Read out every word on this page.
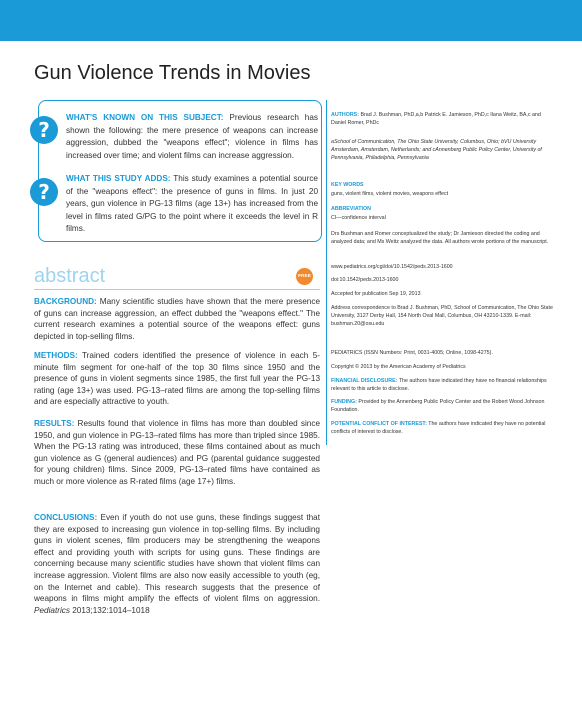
Gun Violence Trends in Movies
?
?
WHAT'S KNOWN ON THIS SUBJECT: Previous research has shown the following: the mere presence of weapons can increase aggression, dubbed the "weapons effect"; violence in films has increased over time; and violent films can increase aggression.
WHAT THIS STUDY ADDS: This study examines a potential source of the "weapons effect": the presence of guns in films. In just 20 years, gun violence in PG-13 films (age 13+) has increased from the level in films rated G/PG to the point where it exceeds the level in R films.
abstract	FREE
BACKGROUND: Many scientific studies have shown that the mere presence of guns can increase aggression, an effect dubbed the "weapons effect." The current research examines a potential source of the weapons effect: guns depicted in top-selling films.
METHODS: Trained coders identified the presence of violence in each 5-minute film segment for one-half of the top 30 films since 1950 and the presence of guns in violent segments since 1985, the first full year the PG-13 rating (age 13+) was used. PG-13–rated films are among the top-selling films and are especially attractive to youth.
RESULTS: Results found that violence in films has more than doubled since 1950, and gun violence in PG-13–rated films has more than tripled since 1985. When the PG-13 rating was introduced, these films contained about as much gun violence as G (general audiences) and PG (parental guidance suggested for young children) films. Since 2009, PG-13–rated films have contained as much or more violence as R-rated films (age 17+) films.
CONCLUSIONS: Even if youth do not use guns, these findings suggest that they are exposed to increasing gun violence in top-selling films. By including guns in violent scenes, film producers may be strengthening the weapons effect and providing youth with scripts for using guns. These findings are concerning because many scientific studies have shown that violent films can increase aggression. Violent films are also now easily accessible to youth (eg, on the Internet and cable). This research suggests that the presence of weapons in films might amplify the effects of violent films on aggression. Pediatrics 2013;132:1014–1018
AUTHORS: Brad J. Bushman, PhD,a,b Patrick E. Jamieson, PhD,c Ilana Weitz, BA,c and Daniel Romer, PhDc
aSchool of Communication, The Ohio State University, Columbus, Ohio; bVU University Amsterdam, Amsterdam, Netherlands; and cAnnenberg Public Policy Center, University of Pennsylvania, Philadelphia, Pennsylvania
KEY WORDS
guns, violent films, violent movies, weapons effect
ABBREVIATION
CI—confidence interval
Drs Bushman and Romer conceptualized the study; Dr Jamieson directed the coding and analyzed data; and Ms Weitz analyzed the data. All authors wrote portions of the manuscript.
www.pediatrics.org/cgi/doi/10.1542/peds.2013-1600
doi:10.1542/peds.2013-1600
Accepted for publication Sep 19, 2013
Address correspondence to Brad J. Bushman, PhD, School of Communication, The Ohio State University, 3127 Derby Hall, 154 North Oval Mall, Columbus, OH 43210-1339. E-mail: bushman.20@osu.edu
PEDIATRICS (ISSN Numbers: Print, 0031-4005; Online, 1098-4275).
Copyright © 2013 by the American Academy of Pediatrics
FINANCIAL DISCLOSURE: The authors have indicated they have no financial relationships relevant to this article to disclose.
FUNDING: Provided by the Annenberg Public Policy Center and the Robert Wood Johnson Foundation.
POTENTIAL CONFLICT OF INTEREST: The authors have indicated they have no potential conflicts of interest to disclose.
